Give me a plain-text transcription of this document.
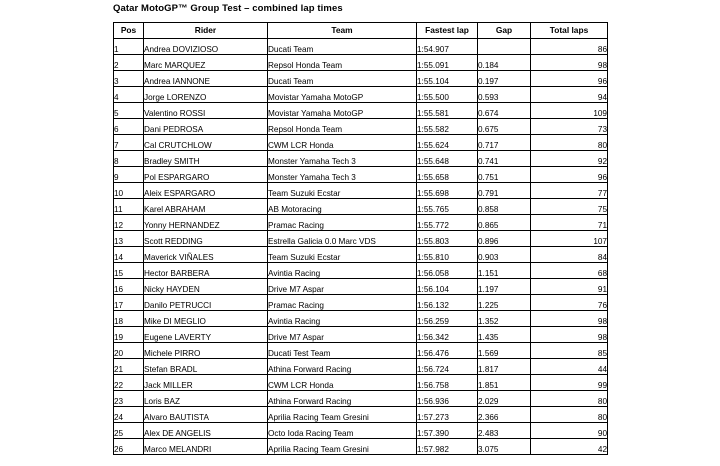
Qatar MotoGP™ Group Test – combined lap times
Pos	Rider	Team	Fastest lap	Gap	Total laps
1	Andrea DOVIZIOSO	Ducati Team	1:54.907		86
2	Marc MARQUEZ	Repsol Honda Team	1:55.091	0.184	98
3	Andrea IANNONE	Ducati Team	1:55.104	0.197	96
4	Jorge LORENZO	Movistar Yamaha MotoGP	1:55.500	0.593	94
5	Valentino ROSSI	Movistar Yamaha MotoGP	1:55.581	0.674	109
6	Dani PEDROSA	Repsol Honda Team	1:55.582	0.675	73
7	Cal CRUTCHLOW	CWM LCR Honda	1:55.624	0.717	80
8	Bradley SMITH	Monster Yamaha Tech 3	1:55.648	0.741	92
9	Pol ESPARGARO	Monster Yamaha Tech 3	1:55.658	0.751	96
10	Aleix ESPARGARO	Team Suzuki Ecstar	1:55.698	0.791	77
11	Karel ABRAHAM	AB Motoracing	1:55.765	0.858	75
12	Yonny HERNANDEZ	Pramac Racing	1:55.772	0.865	71
13	Scott REDDING	Estrella Galicia 0.0 Marc VDS	1:55.803	0.896	107
14	Maverick VIÑALES	Team Suzuki Ecstar	1:55.810	0.903	84
15	Hector BARBERA	Avintia Racing	1:56.058	1.151	68
16	Nicky HAYDEN	Drive M7 Aspar	1:56.104	1.197	91
17	Danilo PETRUCCI	Pramac Racing	1:56.132	1.225	76
18	Mike DI MEGLIO	Avintia Racing	1:56.259	1.352	98
19	Eugene LAVERTY	Drive M7 Aspar	1:56.342	1.435	98
20	Michele PIRRO	Ducati Test Team	1:56.476	1.569	85
21	Stefan BRADL	Athina Forward Racing	1:56.724	1.817	44
22	Jack MILLER	CWM LCR Honda	1:56.758	1.851	99
23	Loris BAZ	Athina Forward Racing	1:56.936	2.029	80
24	Alvaro BAUTISTA	Aprilia Racing Team Gresini	1:57.273	2.366	80
25	Alex DE ANGELIS	Octo Ioda Racing Team	1:57.390	2.483	90
26	Marco MELANDRI	Aprilia Racing Team Gresini	1:57.982	3.075	42
